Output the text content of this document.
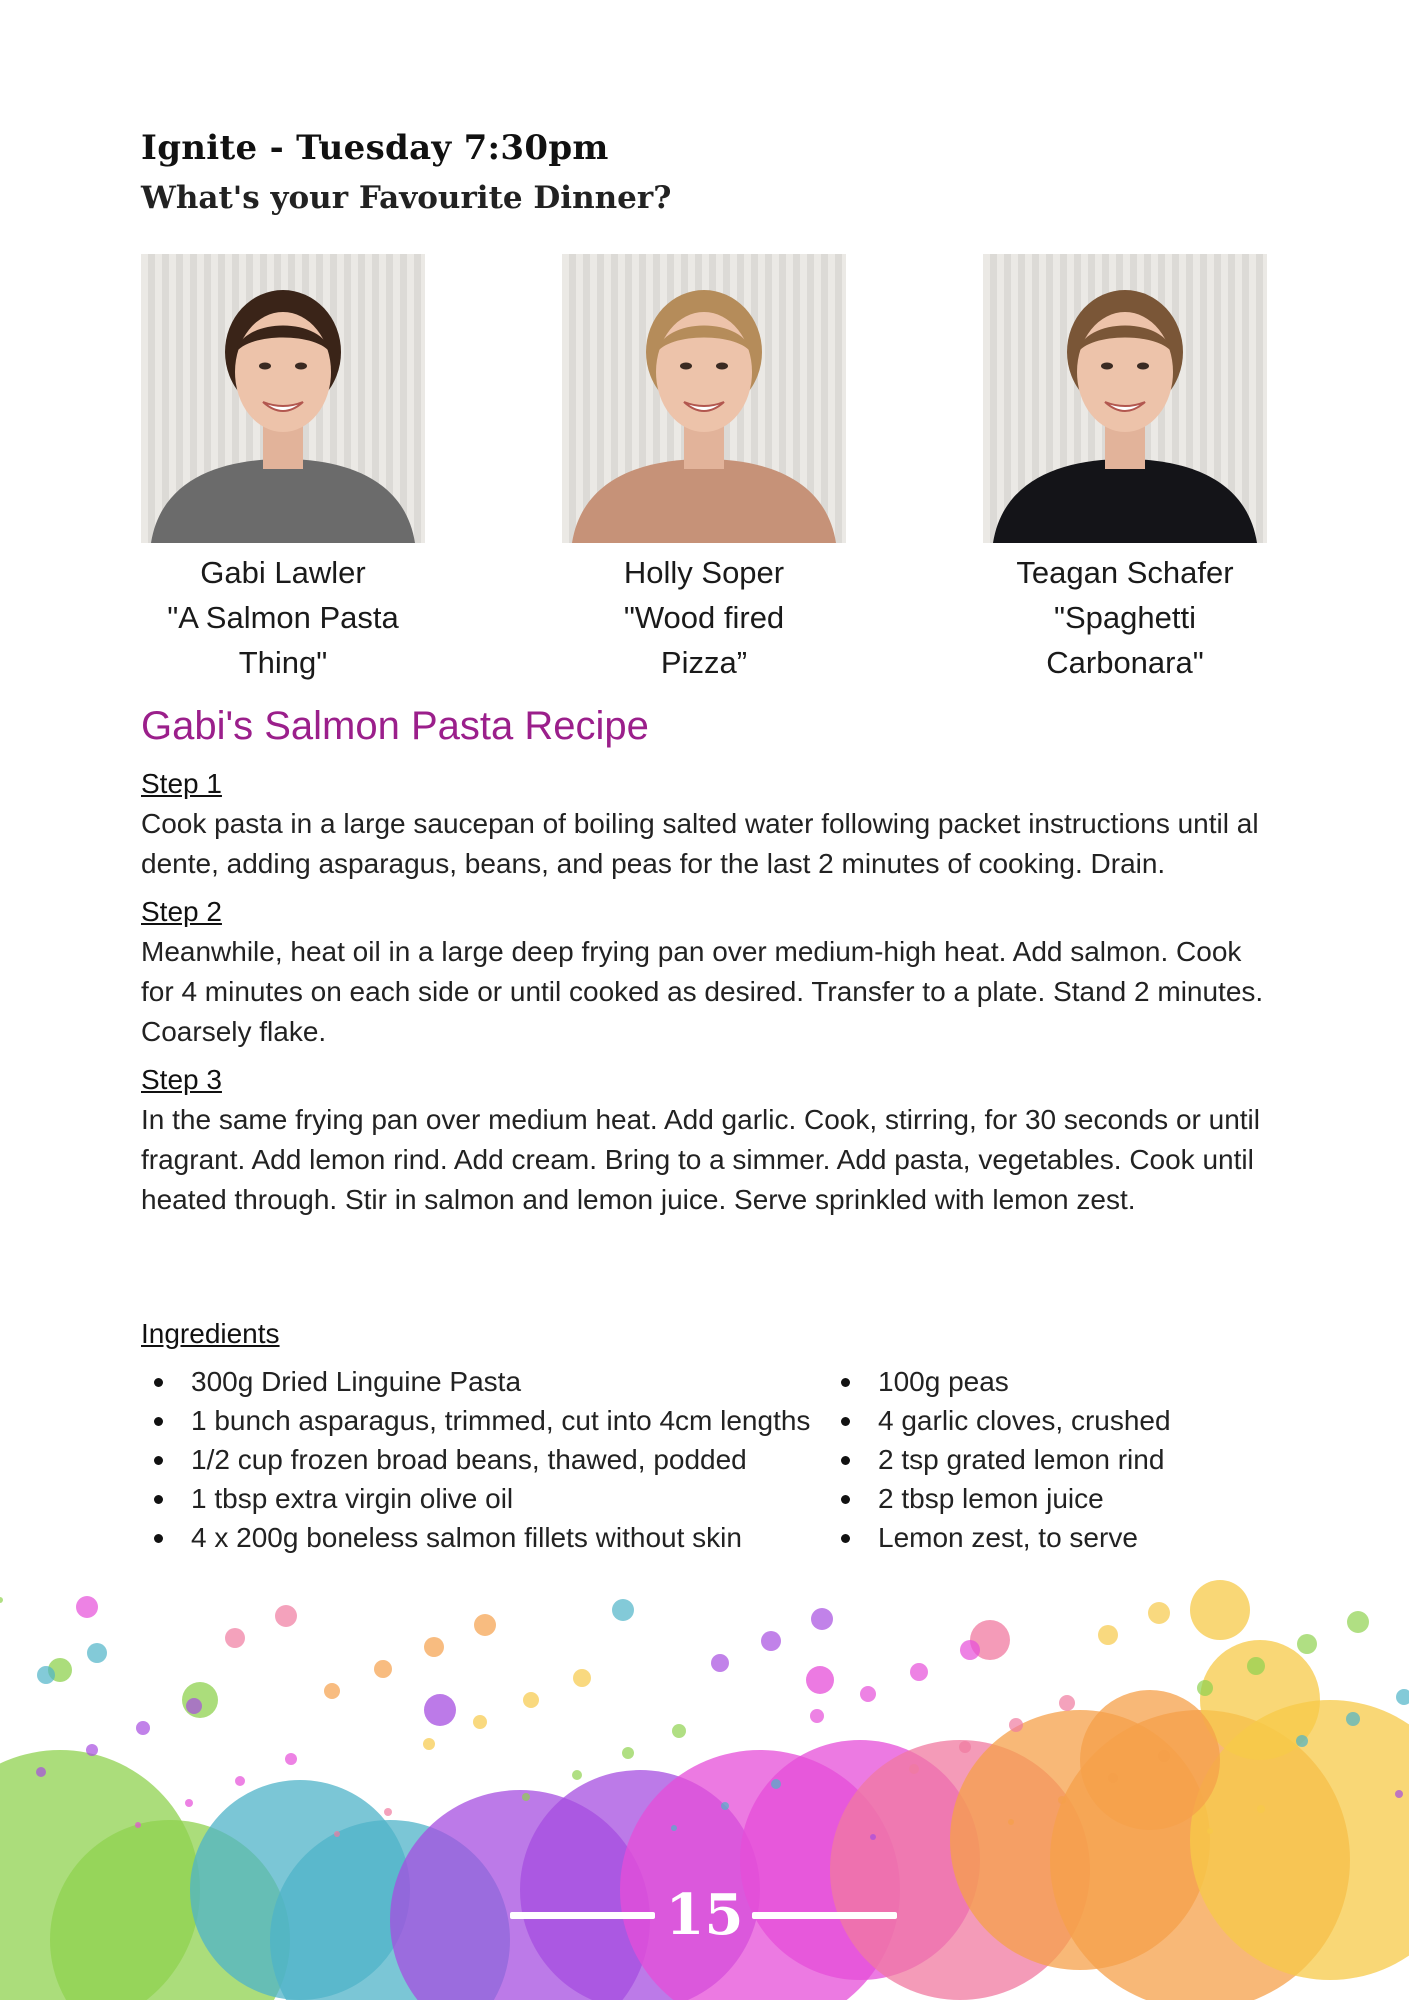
Ignite - Tuesday 7:30pm
What's your Favourite Dinner?
Gabi Lawler
"A Salmon Pasta Thing"
Holly Soper
"Wood fired Pizza”
Teagan Schafer
"Spaghetti Carbonara"
Gabi's Salmon Pasta Recipe

Step 1

Cook pasta in a large saucepan of boiling salted water following packet instructions until al dente, adding asparagus, beans, and peas for the last 2 minutes of cooking. Drain.

Step 2

Meanwhile, heat oil in a large deep frying pan over medium-high heat. Add salmon. Cook for 4 minutes on each side or until cooked as desired. Transfer to a plate. Stand 2 minutes. Coarsely flake.

Step 3

In the same frying pan over medium heat. Add garlic. Cook, stirring, for 30 seconds or until fragrant. Add lemon rind. Add cream. Bring to a simmer. Add pasta, vegetables. Cook until heated through. Stir in salmon and lemon juice. Serve sprinkled with lemon zest.

Ingredients

300g Dried Linguine Pasta
1 bunch asparagus, trimmed, cut into 4cm lengths
1/2 cup frozen broad beans, thawed, podded
1 tbsp extra virgin olive oil
4 x 200g boneless salmon fillets without skin
100g peas
4 garlic cloves, crushed
2 tsp grated lemon rind
2 tbsp lemon juice
Lemon zest, to serve
15
